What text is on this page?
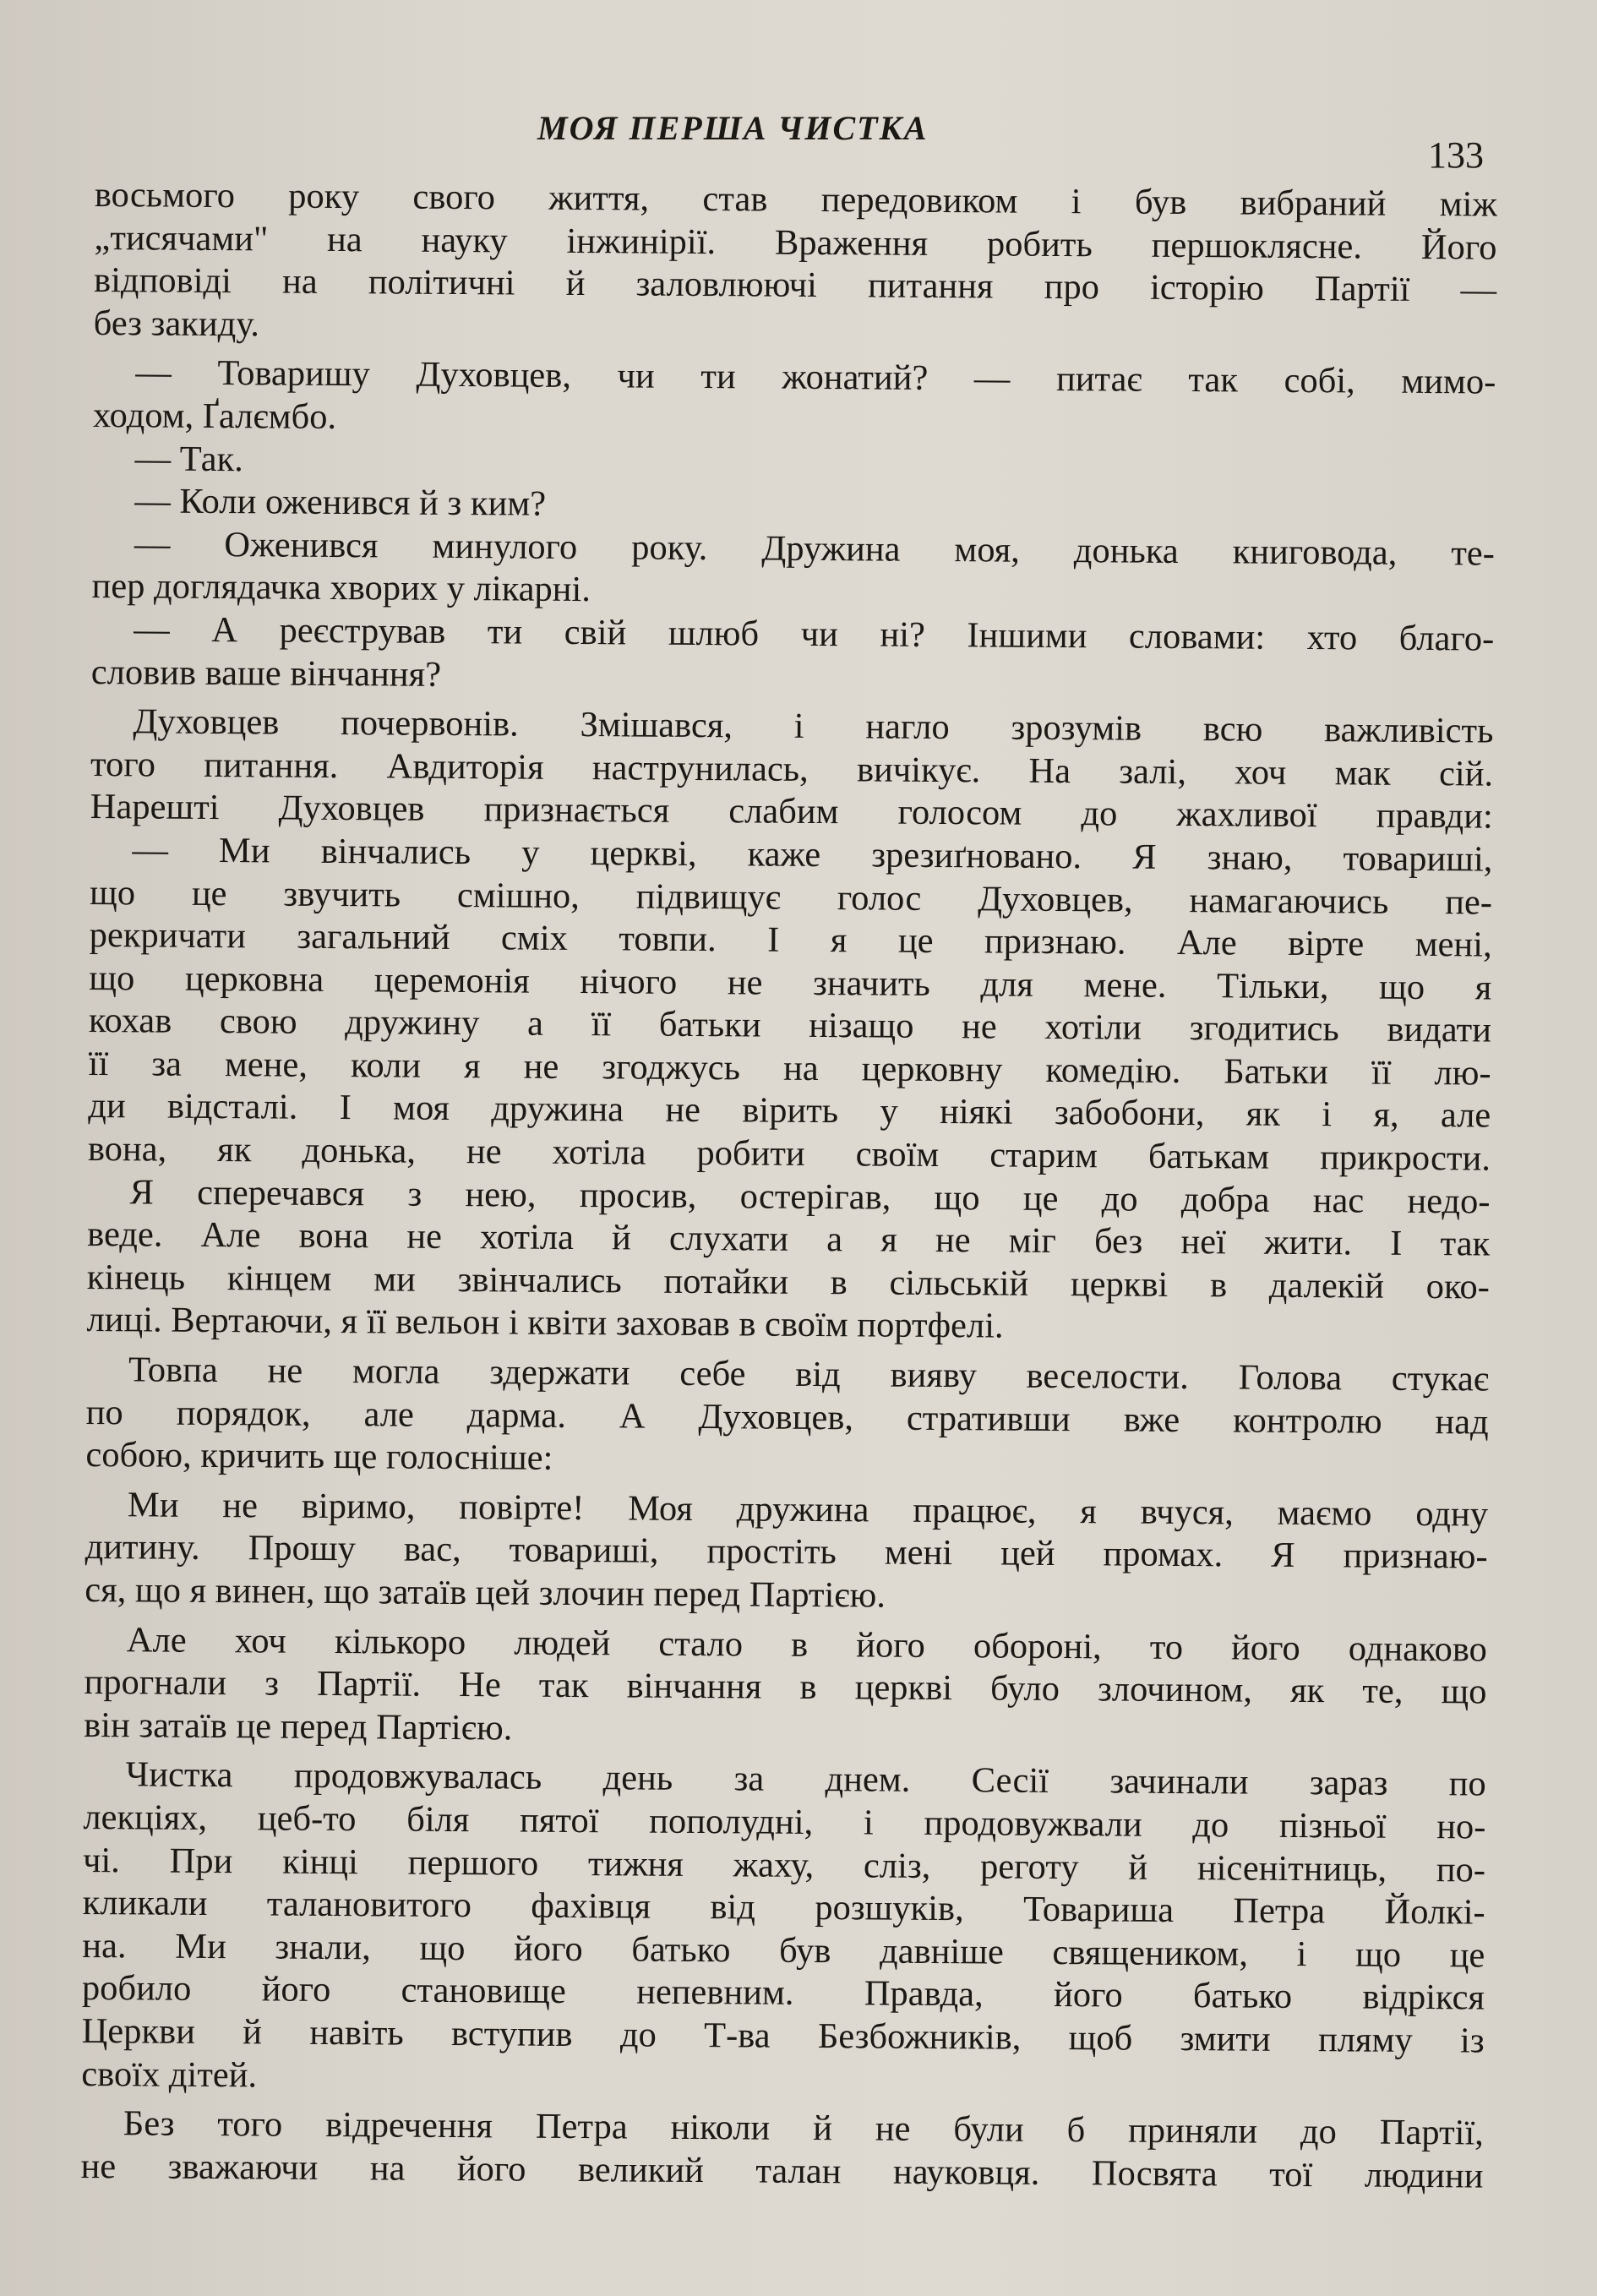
МОЯ ПЕРША ЧИСТКА
133
восьмого року свого життя, став передовиком і був вибраний між
„тисячами" на науку інжинірії. Враження робить першоклясне. Його
відповіді на політичні й заловлюючі питання про історію Партії —
без закиду.
— Товаришу Духовцев, чи ти жонатий? — питає так собі, мимо-
ходом, Ґалємбо.
— Так.
— Коли оженився й з ким?
— Оженився минулого року. Дружина моя, донька книговода, те-
пер доглядачка хворих у лікарні.
— А реєстрував ти свій шлюб чи ні? Іншими словами: хто благо-
словив ваше вінчання?
Духовцев почервонів. Змішався, і нагло зрозумів всю важливість
того питання. Авдиторія наструнилась, вичікує. На залі, хоч мак сій.
Нарешті Духовцев признається слабим голосом до жахливої правди:
— Ми вінчались у церкві, каже зрезиґновано. Я знаю, товариші,
що це звучить смішно, підвищує голос Духовцев, намагаючись пе-
рекричати загальний сміх товпи. І я це признаю. Але вірте мені,
що церковна церемонія нічого не значить для мене. Тільки, що я
кохав свою дружину а її батьки нізащо не хотіли згодитись видати
її за мене, коли я не згоджусь на церковну комедію. Батьки її лю-
ди відсталі. І моя дружина не вірить у ніякі забобони, як і я, але
вона, як донька, не хотіла робити своїм старим батькам прикрости.
Я сперечався з нею, просив, остерігав, що це до добра нас недо-
веде. Але вона не хотіла й слухати а я не міг без неї жити. І так
кінець кінцем ми звінчались потайки в сільській церкві в далекій око-
лиці. Вертаючи, я її вельон і квіти заховав в своїм портфелі.
Товпа не могла здержати себе від вияву веселости. Голова стукає
по порядок, але дарма. А Духовцев, стративши вже контролю над
собою, кричить ще голосніше:
Ми не віримо, повірте! Моя дружина працює, я вчуся, маємо одну
дитину. Прошу вас, товариші, простіть мені цей промах. Я признаю-
ся, що я винен, що затаїв цей злочин перед Партією.
Але хоч кількоро людей стало в його обороні, то його однаково
прогнали з Партії. Не так вінчання в церкві було злочином, як те, що
він затаїв це перед Партією.
Чистка продовжувалась день за днем. Сесії зачинали зараз по
лекціях, цеб-то біля пятої пополудні, і продовужвали до пізньої но-
чі. При кінці першого тижня жаху, сліз, реготу й нісенітниць, по-
кликали талановитого фахівця від розшуків, Товариша Петра Йолкі-
на. Ми знали, що його батько був давніше священиком, і що це
робило його становище непевним. Правда, його батько відрікся
Церкви й навіть вступив до Т-ва Безбожників, щоб змити пляму із
своїх дітей.
Без того відречення Петра ніколи й не були б приняли до Партії,
не зважаючи на його великий талан науковця. Посвята тої людини
